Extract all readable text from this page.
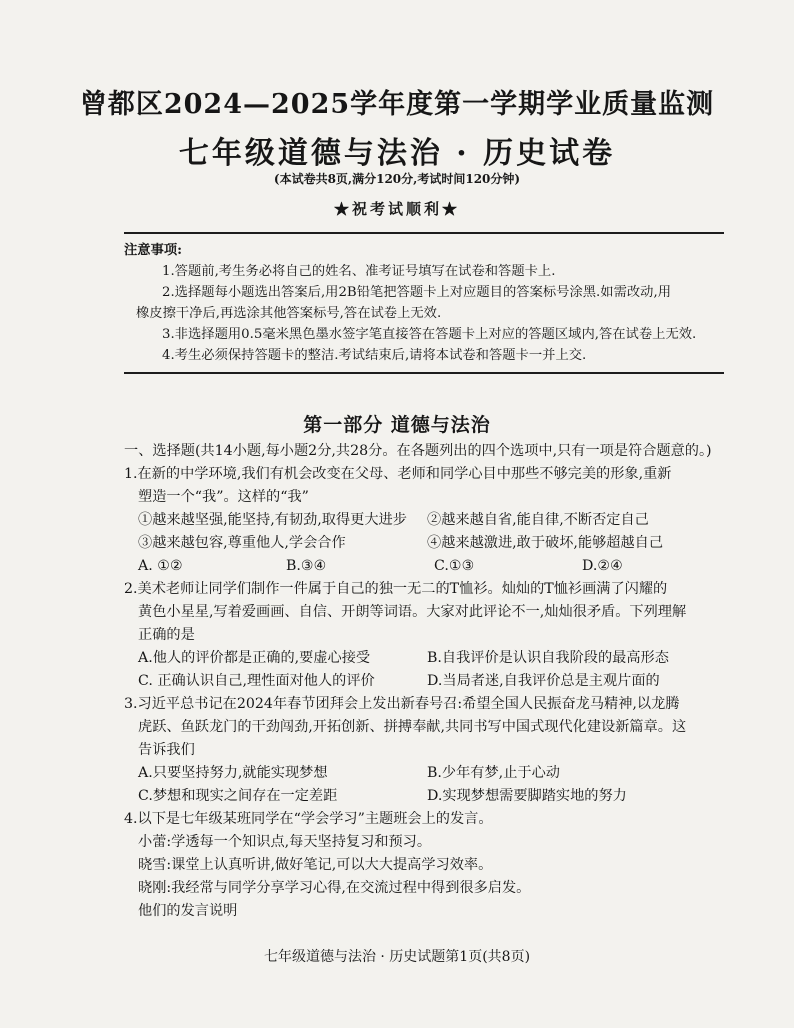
曾都区2024—2025学年度第一学期学业质量监测
七年级道德与法治 · 历史试卷
(本试卷共8页,满分120分,考试时间120分钟)
★祝考试顺利★
注意事项:
1.答题前,考生务必将自己的姓名、准考证号填写在试卷和答题卡上.
2.选择题每小题选出答案后,用2B铅笔把答题卡上对应题目的答案标号涂黑.如需改动,用
橡皮擦干净后,再选涂其他答案标号,答在试卷上无效.
3.非选择题用0.5毫米黑色墨水签字笔直接答在答题卡上对应的答题区域内,答在试卷上无效.
4.考生必须保持答题卡的整洁.考试结束后,请将本试卷和答题卡一并上交.
第一部分 道德与法治
一、选择题(共14小题,每小题2分,共28分。在各题列出的四个选项中,只有一项是符合题意的。)
1.在新的中学环境,我们有机会改变在父母、老师和同学心目中那些不够完美的形象,重新
塑造一个“我”。这样的“我”
①越来越坚强,能坚持,有韧劲,取得更大进步	②越来越自省,能自律,不断否定自己
③越来越包容,尊重他人,学会合作	④越来越激进,敢于破坏,能够超越自己
A. ①②	B.③④	C.①③	D.②④
2.美术老师让同学们制作一件属于自己的独一无二的T恤衫。灿灿的T恤衫画满了闪耀的
黄色小星星,写着爱画画、自信、开朗等词语。大家对此评论不一,灿灿很矛盾。下列理解
正确的是
A.他人的评价都是正确的,要虚心接受	B.自我评价是认识自我阶段的最高形态
C. 正确认识自己,理性面对他人的评价	D.当局者迷,自我评价总是主观片面的
3.习近平总书记在2024年春节团拜会上发出新春号召:希望全国人民振奋龙马精神,以龙腾
虎跃、鱼跃龙门的干劲闯劲,开拓创新、拼搏奉献,共同书写中国式现代化建设新篇章。这
告诉我们
A.只要坚持努力,就能实现梦想	B.少年有梦,止于心动
C.梦想和现实之间存在一定差距	D.实现梦想需要脚踏实地的努力
4.以下是七年级某班同学在“学会学习”主题班会上的发言。
小蕾:学透每一个知识点,每天坚持复习和预习。
晓雪:课堂上认真听讲,做好笔记,可以大大提高学习效率。
晓刚:我经常与同学分享学习心得,在交流过程中得到很多启发。
他们的发言说明
七年级道德与法治 · 历史试题第1页(共8页)
